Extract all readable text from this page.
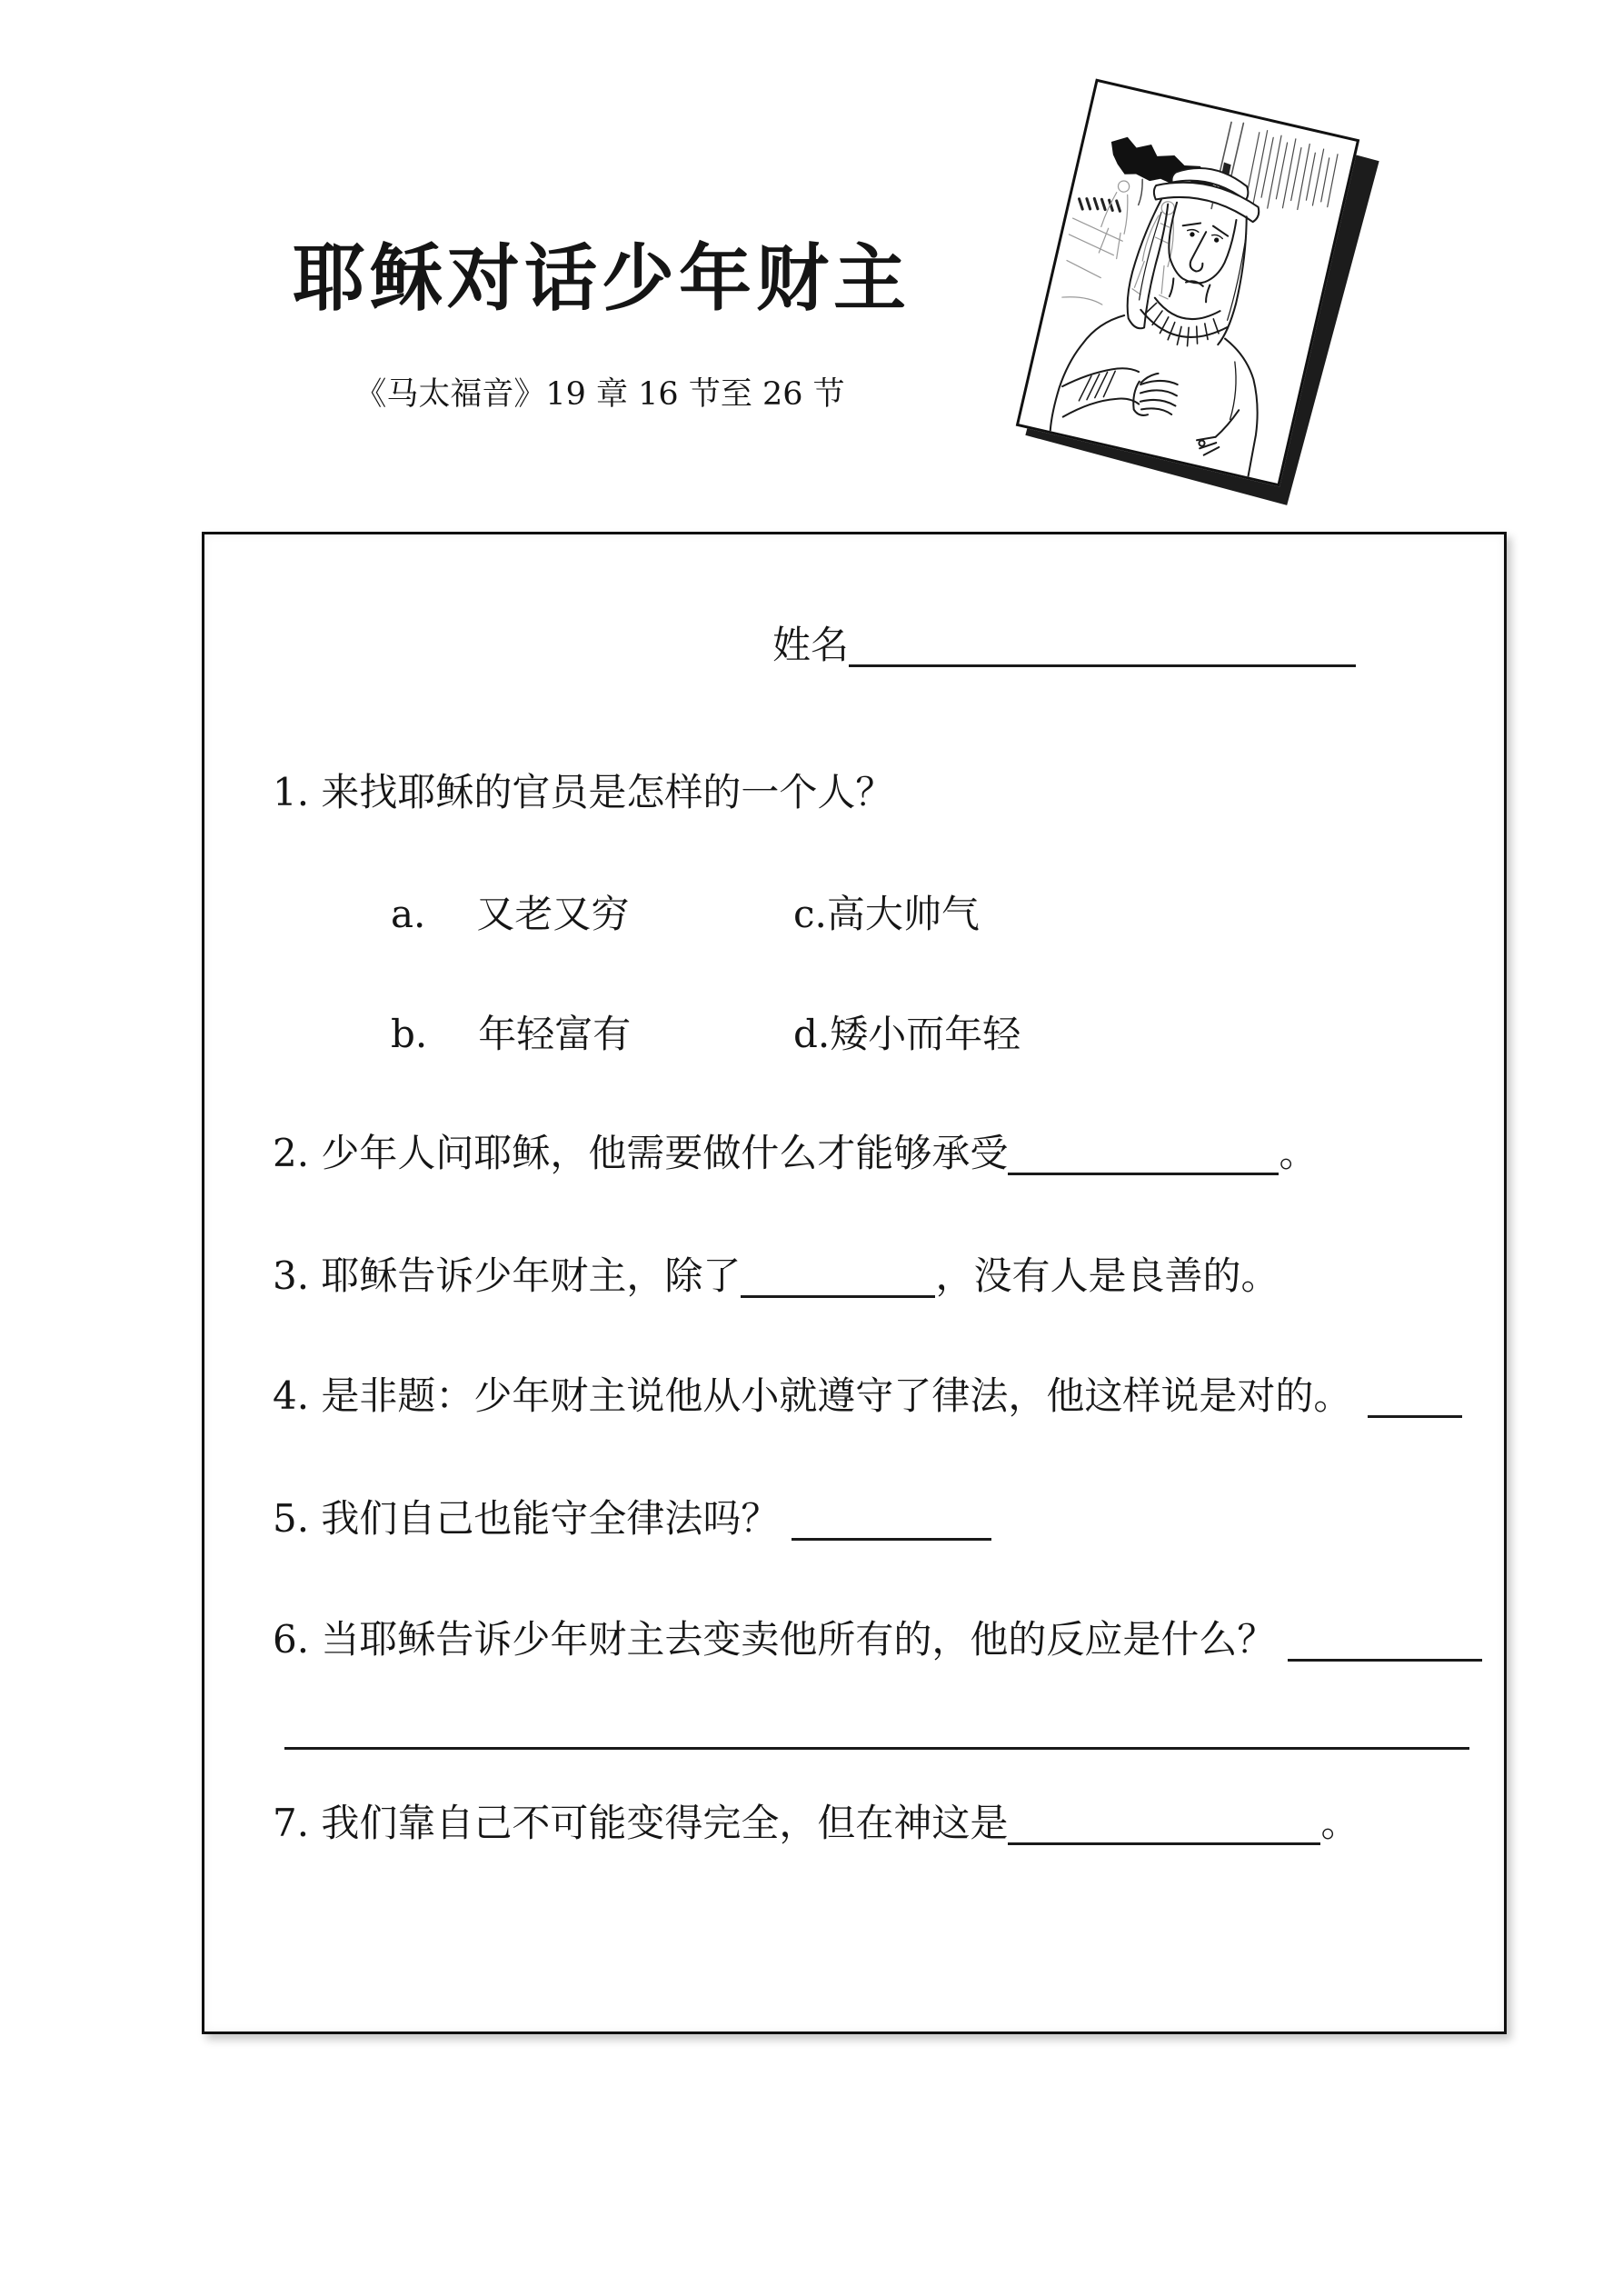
耶稣对话少年财主
《马太福音》19 章 16 节至 26 节
姓名
1. 来找耶稣的官员是怎样的一个人？
a. 又老又穷	c.高大帅气
b. 年轻富有	d.矮小而年轻
2. 少年人问耶稣，他需要做什么才能够承受	。
3. 耶稣告诉少年财主，除了	，没有人是良善的。
4. 是非题：少年财主说他从小就遵守了律法，他这样说是对的。
5. 我们自己也能守全律法吗？
6. 当耶稣告诉少年财主去变卖他所有的，他的反应是什么？
7. 我们靠自己不可能变得完全，但在神这是	。
